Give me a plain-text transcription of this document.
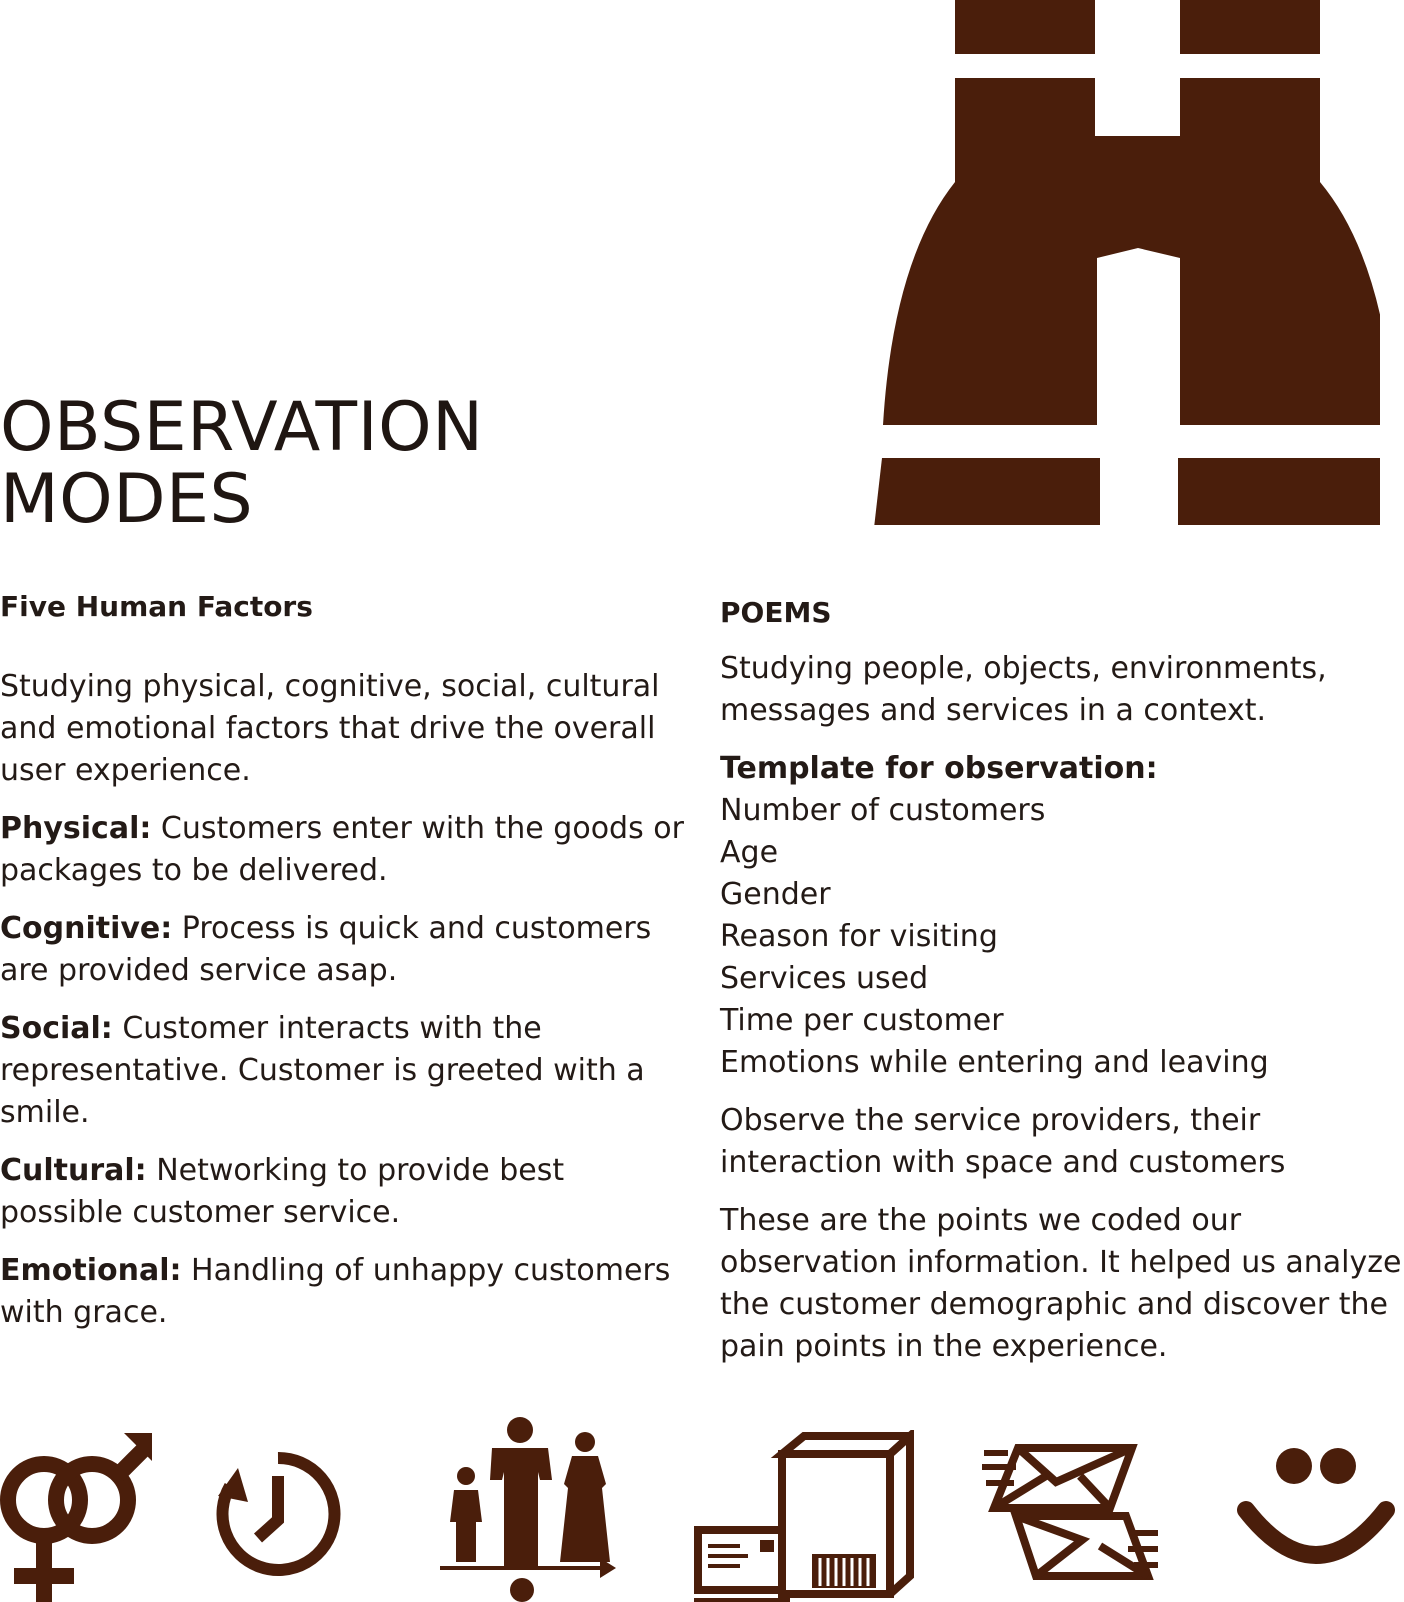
OBSERVATION
MODES

Five Human Factors

Studying physical, cognitive, social, cultural and emotional factors that drive the overall user experience.

Physical: Customers enter with the goods or packages to be delivered.

Cognitive: Process is quick and customers are provided service asap.

Social: Customer interacts with the representative. Customer is greeted with a smile.

Cultural: Networking to provide best possible customer service.

Emotional: Handling of unhappy customers with grace.

POEMS

Studying people, objects, environments, messages and services in a context.

Template for observation:

Number of customers

Age

Gender

Reason for visiting

Services used

Time per customer

Emotions while entering and leaving

Observe the service providers, their interaction with space and customers

These are the points we coded our observation information. It helped us analyze the customer demographic and discover the pain points in the experience.
